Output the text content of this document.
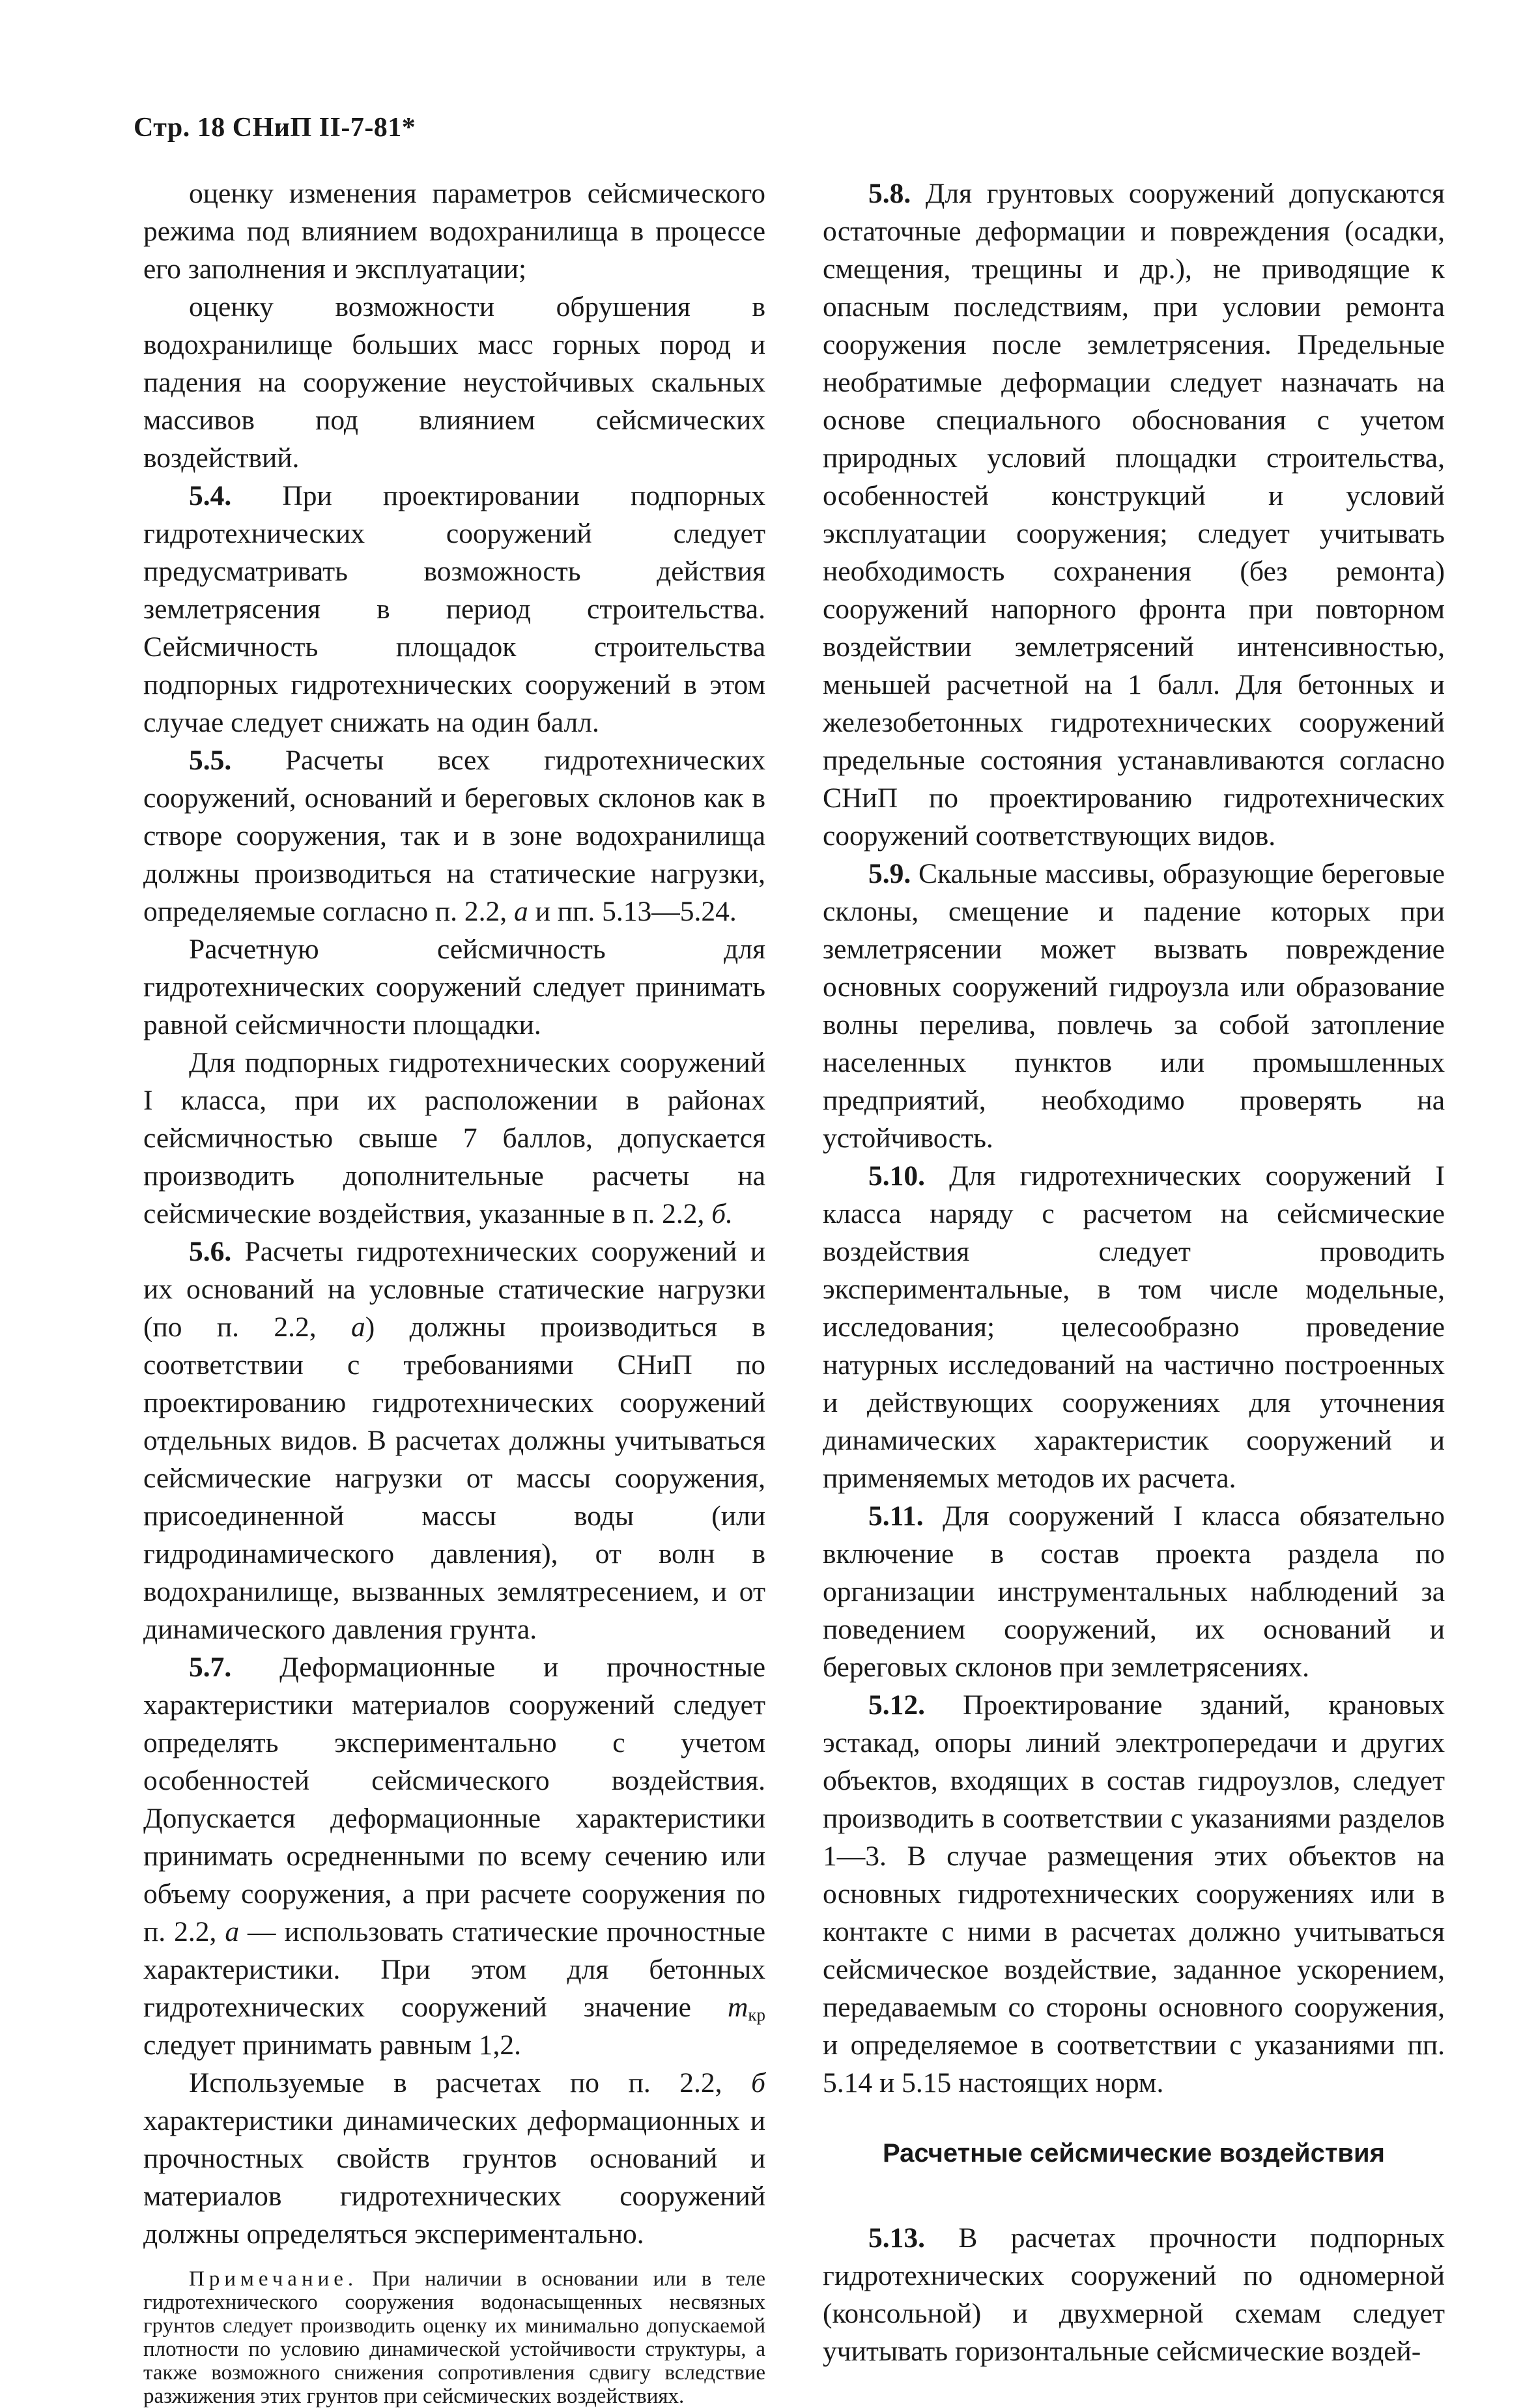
Стр. 18 СНиП II-7-81*

оценку изменения параметров сейсмического режима под влиянием водохранилища в процессе его заполнения и эксплуатации;

оценку возможности обрушения в водохранилище больших масс горных пород и падения на сооружение неустойчивых скальных массивов под влиянием сейсмических воздействий.

5.4. При проектировании подпорных гидротехнических сооружений следует предусматривать возможность действия землетрясения в период строительства. Сейсмичность площадок строительства подпорных гидротехнических сооружений в этом случае следует снижать на один балл.

5.5. Расчеты всех гидротехнических сооружений, оснований и береговых склонов как в створе сооружения, так и в зоне водохранилища должны производиться на статические нагрузки, определяемые согласно п. 2.2, а и пп. 5.13—5.24.

Расчетную сейсмичность для гидротехнических сооружений следует принимать равной сейсмичности площадки.

Для подпорных гидротехнических сооружений I класса, при их расположении в районах сейсмичностью свыше 7 баллов, допускается производить дополнительные расчеты на сейсмические воздействия, указанные в п. 2.2, б.

5.6. Расчеты гидротехнических сооружений и их оснований на условные статические нагрузки (по п. 2.2, а) должны производиться в соответствии с требованиями СНиП по проектированию гидротехнических сооружений отдельных видов. В расчетах должны учитываться сейсмические нагрузки от массы сооружения, присоединенной массы воды (или гидродинамического давления), от волн в водохранилище, вызванных землятресением, и от динамического давления грунта.

5.7. Деформационные и прочностные характеристики материалов сооружений следует определять экспериментально с учетом особенностей сейсмического воздействия. Допускается деформационные характеристики принимать осредненными по всему сечению или объему сооружения, а при расчете сооружения по п. 2.2, а — использовать статические прочностные характеристики. При этом для бетонных гидротехнических сооружений значение $m_{кр}$ следует принимать равным 1,2.

Используемые в расчетах по п. 2.2, б характеристики динамических деформационных и прочностных свойств грунтов оснований и материалов гидротехнических сооружений должны определяться экспериментально.

Примечание. При наличии в основании или в теле гидротехнического сооружения водонасыщенных несвязных грунтов следует производить оценку их минимально допускаемой плотности по условию динамической устойчивости структуры, а также возможного снижения сопротивления сдвигу вследствие разжижения этих грунтов при сейсмических воздействиях.

5.8. Для грунтовых сооружений допускаются остаточные деформации и повреждения (осадки, смещения, трещины и др.), не приводящие к опасным последствиям, при условии ремонта сооружения после землетрясения. Предельные необратимые деформации следует назначать на основе специального обоснования с учетом природных условий площадки строительства, особенностей конструкций и условий эксплуатации сооружения; следует учитывать необходимость сохранения (без ремонта) сооружений напорного фронта при повторном воздействии землетрясений интенсивностью, меньшей расчетной на 1 балл. Для бетонных и железобетонных гидротехнических сооружений предельные состояния устанавливаются согласно СНиП по проектированию гидротехнических сооружений соответствующих видов.

5.9. Скальные массивы, образующие береговые склоны, смещение и падение которых при землетрясении может вызвать повреждение основных сооружений гидроузла или образование волны перелива, повлечь за собой затопление населенных пунктов или промышленных предприятий, необходимо проверять на устойчивость.

5.10. Для гидротехнических сооружений I класса наряду с расчетом на сейсмические воздействия следует проводить экспериментальные, в том числе модельные, исследования; целесообразно проведение натурных исследований на частично построенных и действующих сооружениях для уточнения динамических характеристик сооружений и применяемых методов их расчета.

5.11. Для сооружений I класса обязательно включение в состав проекта раздела по организации инструментальных наблюдений за поведением сооружений, их оснований и береговых склонов при землетрясениях.

5.12. Проектирование зданий, крановых эстакад, опоры линий электропередачи и других объектов, входящих в состав гидроузлов, следует производить в соответствии с указаниями разделов 1—3. В случае размещения этих объектов на основных гидротехнических сооружениях или в контакте с ними в расчетах должно учитываться сейсмическое воздействие, заданное ускорением, передаваемым со стороны основного сооружения, и определяемое в соответствии с указаниями пп. 5.14 и 5.15 настоящих норм.

Расчетные сейсмические воздействия

5.13. В расчетах прочности подпорных гидротехнических сооружений по одномерной (консольной) и двухмерной схемам следует учитывать горизонтальные сейсмические воздей-
